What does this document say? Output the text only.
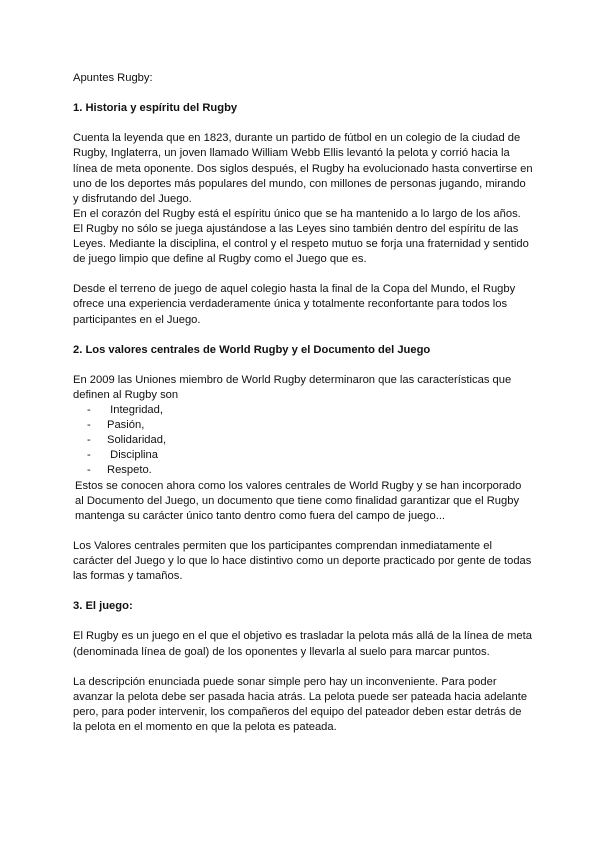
Apuntes Rugby:

1. Historia y espíritu del Rugby

Cuenta la leyenda que en 1823, durante un partido de fútbol en un colegio de la ciudad de Rugby, Inglaterra, un joven llamado William Webb Ellis levantó la pelota y corrió hacia la línea de meta oponente. Dos siglos después, el Rugby ha evolucionado hasta convertirse en uno de los deportes más populares del mundo, con millones de personas jugando, mirando y disfrutando del Juego.

En el corazón del Rugby está el espíritu único que se ha mantenido a lo largo de los años. El Rugby no sólo se juega ajustándose a las Leyes sino también dentro del espíritu de las Leyes. Mediante la disciplina, el control y el respeto mutuo se forja una fraternidad y sentido de juego limpio que define al Rugby como el Juego que es.

Desde el terreno de juego de aquel colegio hasta la final de la Copa del Mundo, el Rugby ofrece una experiencia verdaderamente única y totalmente reconfortante para todos los participantes en el Juego.

2. Los valores centrales de World Rugby y el Documento del Juego

En 2009 las Uniones miembro de World Rugby determinaron que las características que definen al Rugby son

-	Integridad,
-	Pasión,
-	Solidaridad,
-	Disciplina
-	Respeto.

Estos se conocen ahora como los valores centrales de World Rugby y se han incorporado al Documento del Juego, un documento que tiene como finalidad garantizar que el Rugby mantenga su carácter único tanto dentro como fuera del campo de juego...

Los Valores centrales permiten que los participantes comprendan inmediatamente el carácter del Juego y lo que lo hace distintivo como un deporte practicado por gente de todas las formas y tamaños.

3. El juego:

El Rugby es un juego en el que el objetivo es trasladar la pelota más allá de la línea de meta (denominada línea de goal) de los oponentes y llevarla al suelo para marcar puntos.

La descripción enunciada puede sonar simple pero hay un inconveniente. Para poder avanzar la pelota debe ser pasada hacia atrás. La pelota puede ser pateada hacia adelante pero, para poder intervenir, los compañeros del equipo del pateador deben estar detrás de la pelota en el momento en que la pelota es pateada.
